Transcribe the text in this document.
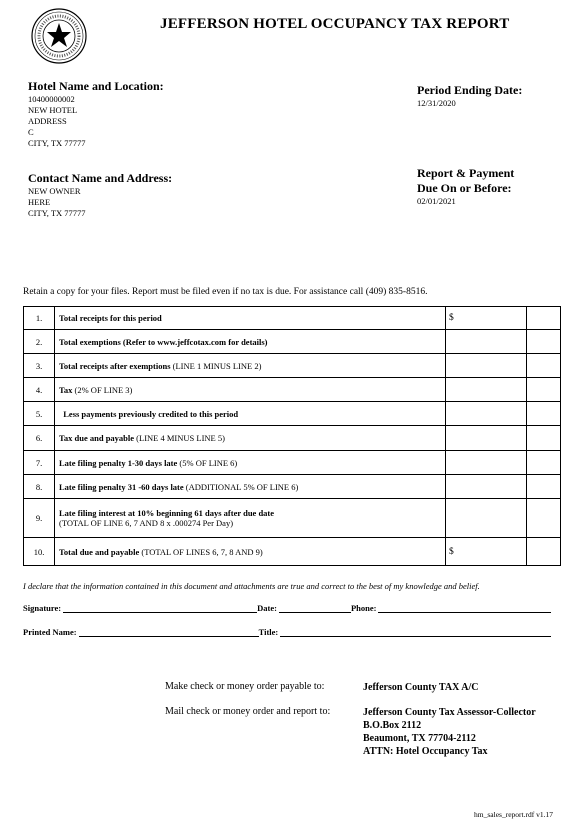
JEFFERSON HOTEL OCCUPANCY TAX REPORT
Hotel Name and Location:
10400000002
NEW HOTEL
ADDRESS
C
CITY, TX 77777
Period Ending Date:
12/31/2020
Contact Name and Address:
NEW OWNER
HERE
CITY, TX 77777
Report & Payment
Due On or Before:
02/01/2021
Retain a copy for your files. Report must be filed even if no tax is due. For assistance call (409) 835-8516.
1.	Total receipts for this period	$	
2.	Total exemptions (Refer to www.jeffcotax.com for details)		
3.	Total receipts after exemptions (LINE 1 MINUS LINE 2)		
4.	Tax (2% OF LINE 3)		
5.	Less payments previously credited to this period		
6.	Tax due and payable (LINE 4 MINUS LINE 5)		
7.	Late filing penalty 1-30 days late (5% OF LINE 6)		
8.	Late filing penalty 31 -60 days late (ADDITIONAL 5% OF LINE 6)		
9.	Late filing interest at 10% beginning 61 days after due date
(TOTAL OF LINE 6, 7 AND 8 x .000274 Per Day)		

10.	Total due and payable (TOTAL OF LINES 6, 7, 8 AND 9)	$	
I declare that the information contained in this document and attachments are true and correct to the best of my knowledge and belief.
Signature:	Date:	Phone:
Printed Name:	Title:
Make check or money order payable to:	Jefferson County TAX A/C
Mail check or money order and report to:	Jefferson County Tax Assessor-Collector
B.O.Box 2112
Beaumont, TX 77704-2112
ATTN: Hotel Occupancy Tax
hm_sales_report.rdf v1.17
